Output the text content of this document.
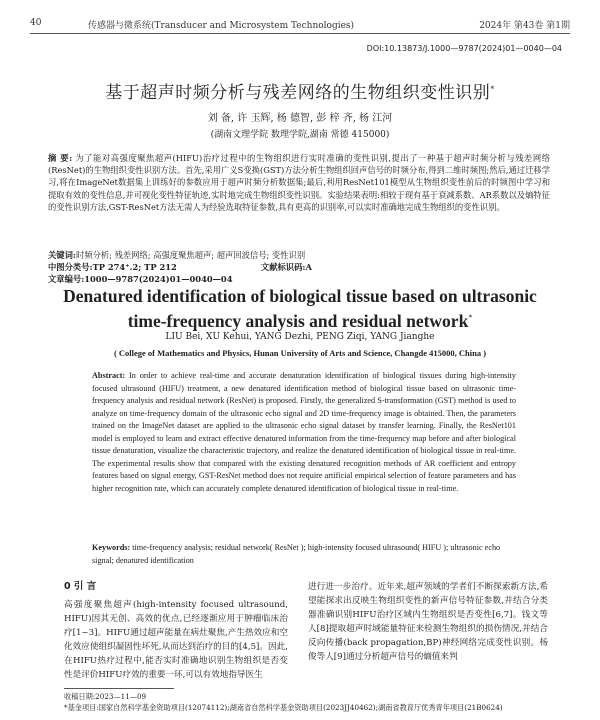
40	传感器与微系统(Transducer and Microsystem Technologies)	2024年 第43卷 第1期
DOI:10.13873/J.1000—9787(2024)01—0040—04
基于超声时频分析与残差网络的生物组织变性识别*
刘 备, 许 玉辉, 杨 德智, 彭 梓 齐, 杨 江河
(湖南文理学院 数理学院,湖南 常德 415000)
摘 要: 为了能对高强度聚焦超声(HIFU)治疗过程中的生物组织进行实时准确的变性识别,提出了一种基于超声时频分析与残差网络(ResNet)的生物组织变性识别方法。首先,采用广义S变换(GST)方法分析生物组织回声信号的时频分布,得到二维时频图;然后,通过迁移学习,将在ImageNet数据集上训练好的参数应用于超声时频分析数据集;最后,利用ResNet101模型从生物组织变性前后的时频图中学习和提取有效的变性信息,并可视化变性特征轨迹,实时地完成生物组织变性识别。实验结果表明:相较于现有基于衰减系数、AR系数以及熵特征的变性识别方法,GST-ResNet方法无需人为经验选取特征参数,具有更高的识别率,可以实时准确地完成生物组织的变性识别。
关键词:时频分析; 残差网络; 高强度聚焦超声; 超声回波信号; 变性识别
中图分类号:TP 274⁺.2; TP 212	文献标识码:A 文章编号:1000—9787(2024)01—0040—04
Denatured identification of biological tissue based on ultrasonic
time-frequency analysis and residual network*
LIU Bei, XU Kehui, YANG Dezhi, PENG Ziqi, YANG Jianghe
( College of Mathematics and Physics, Hunan University of Arts and Science, Changde 415000, China )
Abstract: In order to achieve real-time and accurate denaturation identification of biological tissues during high-intensity focused ultrasound (HIFU) treatment, a new denatured identification method of biological tissue based on ultrasonic time-frequency analysis and residual network (ResNet) is proposed. Firstly, the generalized S-transformation (GST) method is used to analyze on time-frequency domain of the ultrasonic echo signal and 2D time-frequency image is obtained. Then, the parameters trained on the ImageNet dataset are applied to the ultrasonic echo signal dataset by transfer learning. Finally, the ResNet101 model is employed to learn and extract effective denatured information from the time-frequency map before and after biological tissue denaturation, visualize the characteristic trajectory, and realize the denatured identification of biological tissue in real-time. The experimental results show that compared with the existing denatured recognition methods of AR coefficient and entropy features based on signal energy, GST-ResNet method does not require artificial empirical selection of feature parameters and has higher recognition rate, which can accurately complete denatured identification of biological tissue in real-time.
Keywords: time-frequency analysis; residual network( ResNet ); high-intensity focused ultrasound( HIFU ); ultrasonic echo signal; denatured identification
0 引 言
高强度聚焦超声(high-intensity focused ultrasound, HIFU)因其无创、高效的优点,已经逐渐应用于肿瘤临床治疗[1~3]。HIFU通过超声能量在病灶聚焦,产生热效应和空化效应使组织凝固性坏死,从而达到治疗的目的[4,5]。因此,在HIFU热疗过程中,能否实时准确地识别生物组织是否变性是评价HIFU疗效的重要一环,可以有效地指导医生
进行进一步治疗。近年来,超声领域的学者们不断探索新方法,希望能探求出反映生物组织变性的新声信号特征参数,并结合分类器准确识别HIFU治疗区域内生物组织是否变性[6,7]。钱文等人[8]提取超声时域能量特征来检测生物组织的损伤情况,并结合反向传播(back propagation,BP)神经网络完成变性识别。杨俊等人[9]通过分析超声信号的熵值来判
收稿日期:2023—11—09
*基金项目:国家自然科学基金资助项目(12074112);湖南省自然科学基金资助项目(2023JJ40462);湖南省教育厅优秀青年项目(21B0624)
